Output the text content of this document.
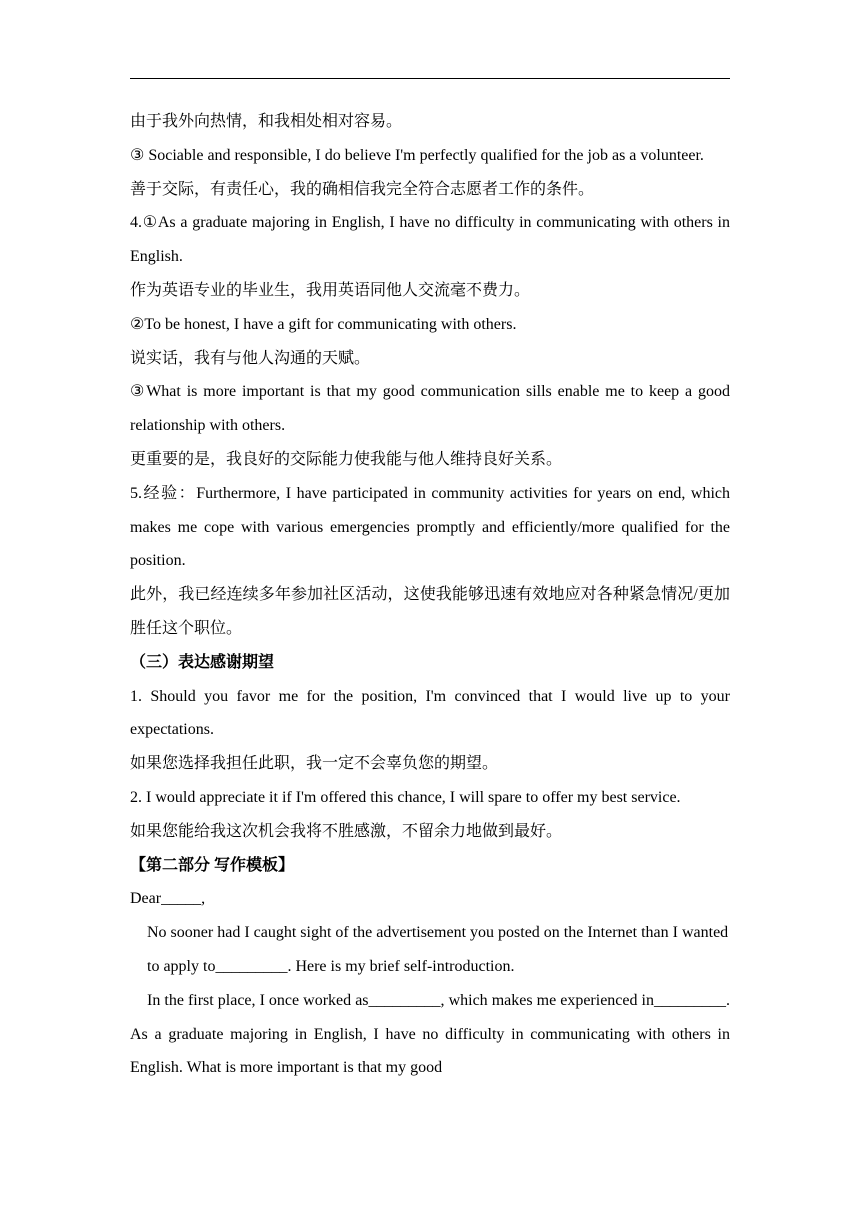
由于我外向热情，和我相处相对容易。

③ Sociable and responsible, I do believe I'm perfectly qualified for the job as a volunteer.

善于交际，有责任心，我的确相信我完全符合志愿者工作的条件。

4.①As a graduate majoring in English, I have no difficulty in communicating with others in English.

作为英语专业的毕业生，我用英语同他人交流毫不费力。

②To be honest, I have a gift for communicating with others.

说实话，我有与他人沟通的天赋。

③What is more important is that my good communication sills enable me to keep a good relationship with others.

更重要的是，我良好的交际能力使我能与他人维持良好关系。

5.经验：Furthermore, I have participated in community activities for years on end, which makes me cope with various emergencies promptly and efficiently/more qualified for the position.

此外，我已经连续多年参加社区活动，这使我能够迅速有效地应对各种紧急情况/更加胜任这个职位。

（三）表达感谢期望

1. Should you favor me for the position, I'm convinced that I would live up to your expectations.

如果您选择我担任此职，我一定不会辜负您的期望。

2. I would appreciate it if I'm offered this chance, I will spare to offer my best service.

如果您能给我这次机会我将不胜感激，不留余力地做到最好。

【第二部分 写作模板】

Dear_____,

No sooner had I caught sight of the advertisement you posted on the Internet than I wanted to apply to_________. Here is my brief self-introduction.

In the first place, I once worked as_________, which makes me experienced in_________. As a graduate majoring in English, I have no difficulty in communicating with others in English. What is more important is that my good
